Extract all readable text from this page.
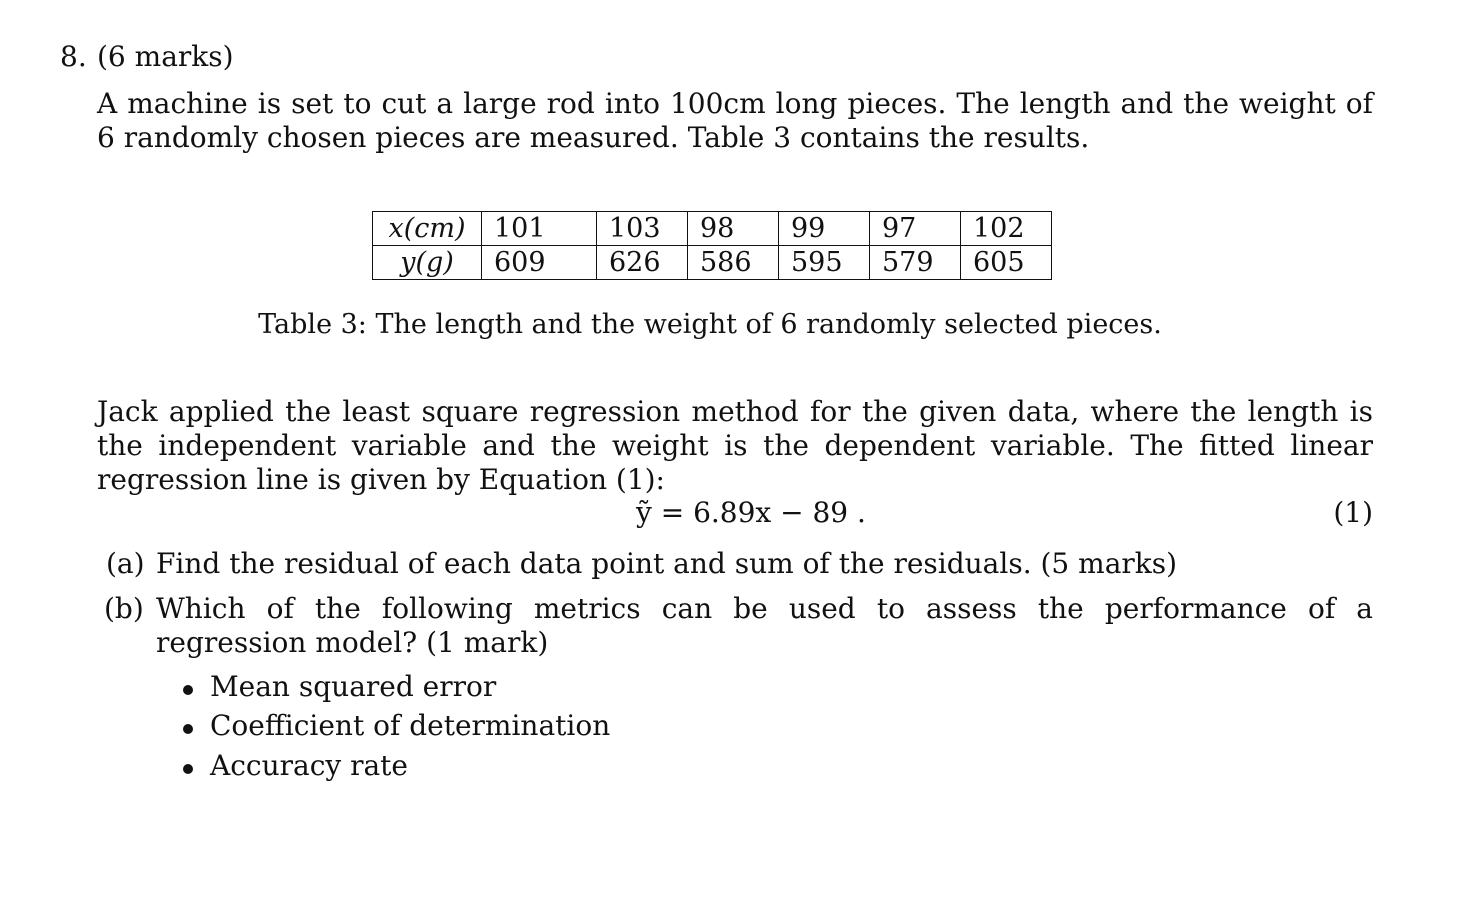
8. (6 marks)
A machine is set to cut a large rod into 100cm long pieces. The length and the weight of 6 randomly chosen pieces are measured. Table 3 contains the results.
x(cm)	101	103	98	99	97	102
y(g)	609	626	586	595	579	605
Table 3: The length and the weight of 6 randomly selected pieces.
Jack applied the least square regression method for the given data, where the length is the independent variable and the weight is the dependent variable. The fitted linear regression line is given by Equation (1):
ỹ = 6.89x − 89 .	(1)
(a) Find the residual of each data point and sum of the residuals. (5 marks)
(b) Which of the following metrics can be used to assess the performance of a regression model? (1 mark)
Mean squared error
Coefficient of determination
Accuracy rate
